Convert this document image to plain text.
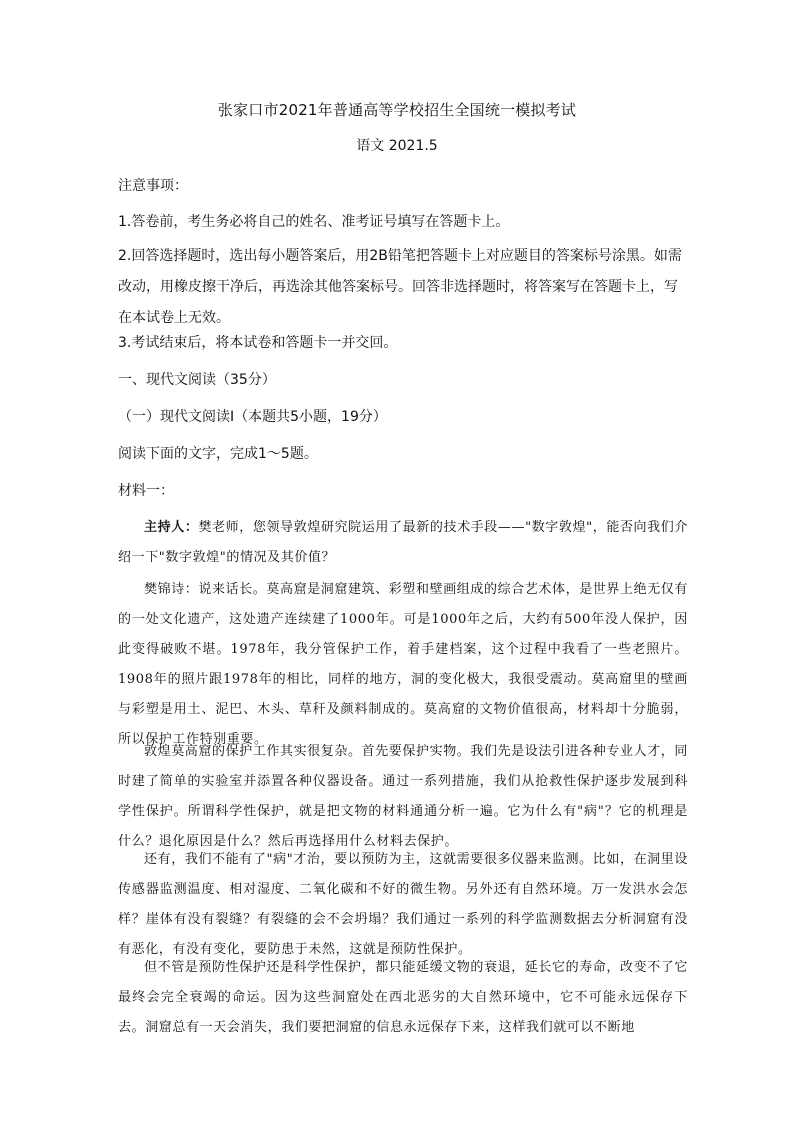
张家口市2021年普通高等学校招生全国统一模拟考试
语文 2021.5
注意事项：
1.答卷前，考生务必将自己的姓名、准考证号填写在答题卡上。
2.回答选择题时，选出每小题答案后，用2B铅笔把答题卡上对应题目的答案标号涂黑。如需改动，用橡皮擦干净后，再选涂其他答案标号。回答非选择题时，将答案写在答题卡上，写在本试卷上无效。
3.考试结束后，将本试卷和答题卡一并交回。
一、现代文阅读（35分）
（一）现代文阅读Ⅰ（本题共5小题，19分）
阅读下面的文字，完成1～5题。
材料一：
主持人：樊老师，您领导敦煌研究院运用了最新的技术手段——"数字敦煌"，能否向我们介绍一下"数字敦煌"的情况及其价值？
樊锦诗：说来话长。莫高窟是洞窟建筑、彩塑和壁画组成的综合艺术体，是世界上绝无仅有的一处文化遗产，这处遗产连续建了1000年。可是1000年之后，大约有500年没人保护，因此变得破败不堪。1978年，我分管保护工作，着手建档案，这个过程中我看了一些老照片。1908年的照片跟1978年的相比，同样的地方，洞的变化极大，我很受震动。莫高窟里的壁画与彩塑是用土、泥巴、木头、草秆及颜料制成的。莫高窟的文物价值很高，材料却十分脆弱，所以保护工作特别重要。
敦煌莫高窟的保护工作其实很复杂。首先要保护实物。我们先是设法引进各种专业人才，同时建了简单的实验室并添置各种仪器设备。通过一系列措施，我们从抢救性保护逐步发展到科学性保护。所谓科学性保护，就是把文物的材料通通分析一遍。它为什么有"病"？它的机理是什么？退化原因是什么？然后再选择用什么材料去保护。
还有，我们不能有了"病"才治，要以预防为主，这就需要很多仪器来监测。比如，在洞里设传感器监测温度、相对湿度、二氧化碳和不好的微生物。另外还有自然环境。万一发洪水会怎样？崖体有没有裂缝？有裂缝的会不会坍塌？我们通过一系列的科学监测数据去分析洞窟有没有恶化，有没有变化，要防患于未然，这就是预防性保护。
但不管是预防性保护还是科学性保护，都只能延缓文物的衰退，延长它的寿命，改变不了它最终会完全衰竭的命运。因为这些洞窟处在西北恶劣的大自然环境中，它不可能永远保存下去。洞窟总有一天会消失，我们要把洞窟的信息永远保存下来，这样我们就可以不断地
